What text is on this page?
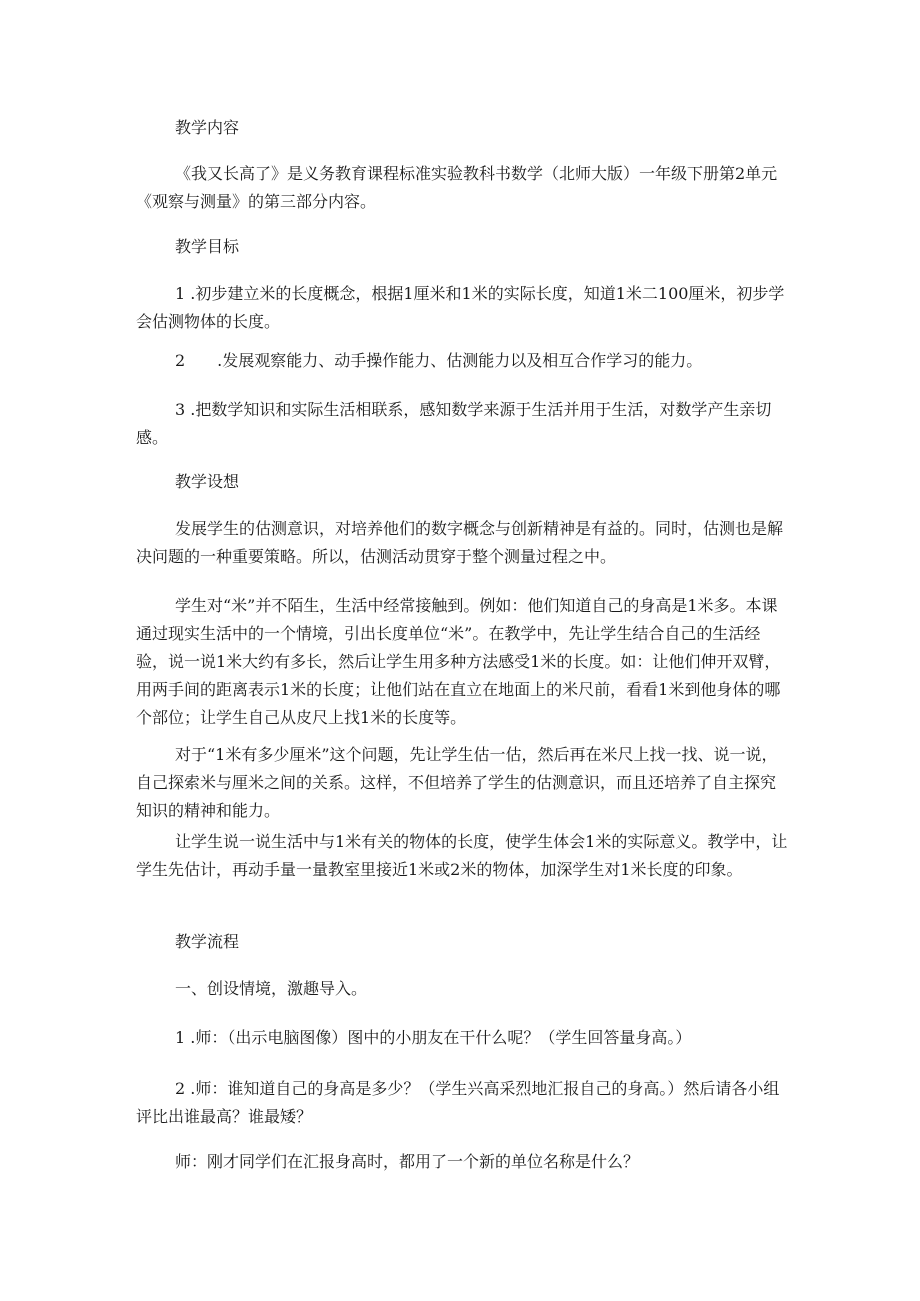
教学内容

《我又长高了》是义务教育课程标准实验教科书数学（北师大版）一年级下册第2单元《观察与测量》的第三部分内容。

教学目标

1 .初步建立米的长度概念，根据1厘米和1米的实际长度，知道1米二100厘米，初步学会估测物体的长度。

2　　.发展观察能力、动手操作能力、估测能力以及相互合作学习的能力。

3 .把数学知识和实际生活相联系，感知数学来源于生活并用于生活，对数学产生亲切感。

教学设想

发展学生的估测意识，对培养他们的数字概念与创新精神是有益的。同时，估测也是解决问题的一种重要策略。所以，估测活动贯穿于整个测量过程之中。

学生对“米”并不陌生，生活中经常接触到。例如：他们知道自己的身高是1米多。本课通过现实生活中的一个情境，引出长度单位“米”。在教学中，先让学生结合自己的生活经验，说一说1米大约有多长，然后让学生用多种方法感受1米的长度。如：让他们伸开双臂，用两手间的距离表示1米的长度；让他们站在直立在地面上的米尺前，看看1米到他身体的哪个部位；让学生自己从皮尺上找1米的长度等。

对于“1米有多少厘米”这个问题，先让学生估一估，然后再在米尺上找一找、说一说，自己探索米与厘米之间的关系。这样，不但培养了学生的估测意识，而且还培养了自主探究知识的精神和能力。

让学生说一说生活中与1米有关的物体的长度，使学生体会1米的实际意义。教学中，让学生先估计，再动手量一量教室里接近1米或2米的物体，加深学生对1米长度的印象。

教学流程

一、创设情境，激趣导入。

1 .师：（出示电脑图像）图中的小朋友在干什么呢？（学生回答量身高。）

2 .师：谁知道自己的身高是多少？（学生兴高采烈地汇报自己的身高。）然后请各小组评比出谁最高？谁最矮？

师：刚才同学们在汇报身高时，都用了一个新的单位名称是什么？
